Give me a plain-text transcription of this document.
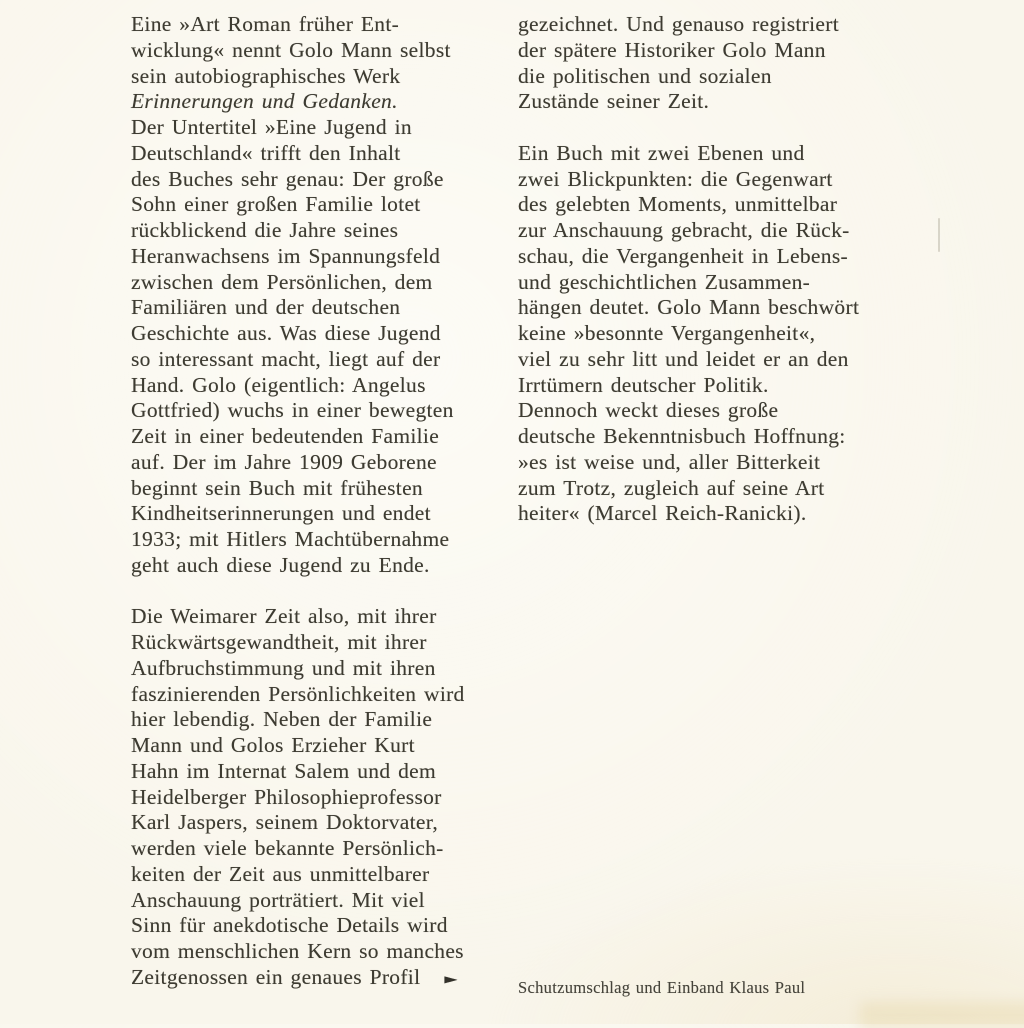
Eine »Art Roman früher Ent-
wicklung« nennt Golo Mann selbst
sein autobiographisches Werk
Erinnerungen und Gedanken.
Der Untertitel »Eine Jugend in
Deutschland« trifft den Inhalt
des Buches sehr genau: Der große
Sohn einer großen Familie lotet
rückblickend die Jahre seines
Heranwachsens im Spannungsfeld
zwischen dem Persönlichen, dem
Familiären und der deutschen
Geschichte aus. Was diese Jugend
so interessant macht, liegt auf der
Hand. Golo (eigentlich: Angelus
Gottfried) wuchs in einer bewegten
Zeit in einer bedeutenden Familie
auf. Der im Jahre 1909 Geborene
beginnt sein Buch mit frühesten
Kindheitserinnerungen und endet
1933; mit Hitlers Machtübernahme
geht auch diese Jugend zu Ende.

Die Weimarer Zeit also, mit ihrer
Rückwärtsgewandtheit, mit ihrer
Aufbruchstimmung und mit ihren
faszinierenden Persönlichkeiten wird
hier lebendig. Neben der Familie
Mann und Golos Erzieher Kurt
Hahn im Internat Salem und dem
Heidelberger Philosophieprofessor
Karl Jaspers, seinem Doktorvater,
werden viele bekannte Persönlich-
keiten der Zeit aus unmittelbarer
Anschauung porträtiert. Mit viel
Sinn für anekdotische Details wird
vom menschlichen Kern so manches
Zeitgenossen ein genaues Profil ►
gezeichnet. Und genauso registriert
der spätere Historiker Golo Mann
die politischen und sozialen
Zustände seiner Zeit.

Ein Buch mit zwei Ebenen und
zwei Blickpunkten: die Gegenwart
des gelebten Moments, unmittelbar
zur Anschauung gebracht, die Rück-
schau, die Vergangenheit in Lebens-
und geschichtlichen Zusammen-
hängen deutet. Golo Mann beschwört
keine »besonnte Vergangenheit«,
viel zu sehr litt und leidet er an den
Irrtümern deutscher Politik.
Dennoch weckt dieses große
deutsche Bekenntnisbuch Hoffnung:
»es ist weise und, aller Bitterkeit
zum Trotz, zugleich auf seine Art
heiter« (Marcel Reich-Ranicki).
Schutzumschlag und Einband Klaus Paul
